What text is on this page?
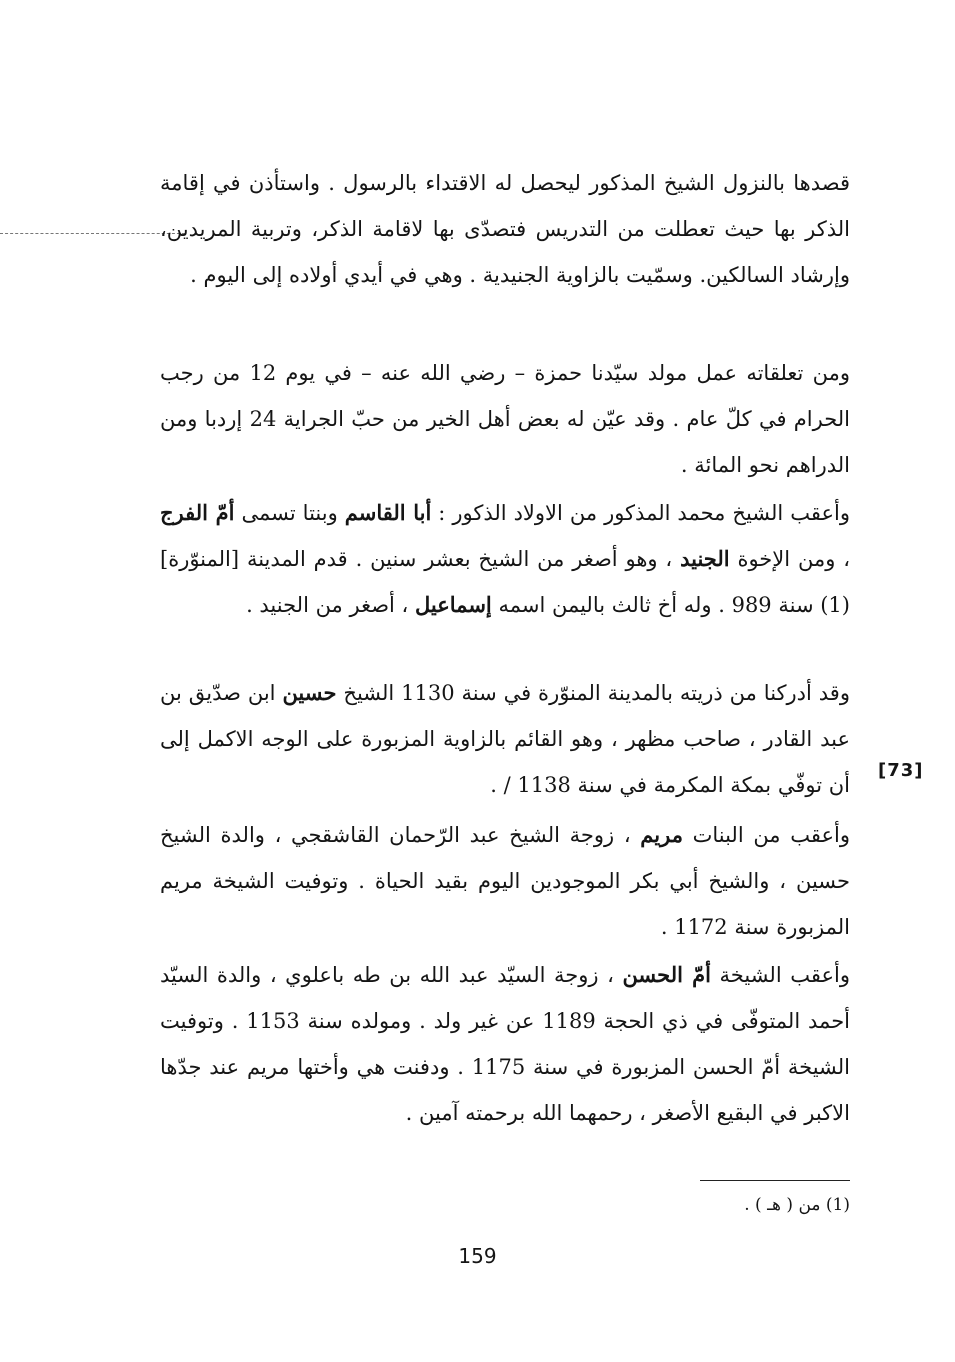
قصدها بالنزول الشيخ المذكور ليحصل له الاقتداء بالرسول . واستأذن في إقامة الذكر بها حيث تعطلت من التدريس فتصدّى بها لاقامة الذكر، وتربية المريدين، وإرشاد السالكين. وسمّيت بالزاوية الجنيدية . وهي في أيدي أولاده إلى اليوم .

ومن تعلقاته عمل مولد سيّدنا حمزة – رضي الله عنه – في يوم 12 من رجب الحرام في كلّ عام . وقد عيّن له بعض أهل الخير من حبّ الجراية 24 إردبا ومن الدراهم نحو المائة .

وأعقب الشيخ محمد المذكور من الاولاد الذكور : أبا القاسم وبنتا تسمى أمّ الفرج ، ومن الإخوة الجنيد ، وهو أصغر من الشيخ بعشر سنين . قدم المدينة [المنوّرة] (1) سنة 989 . وله أخ ثالث باليمن اسمه إسماعيل ، أصغر من الجنيد .

وقد أدركنا من ذريته بالمدينة المنوّرة في سنة 1130 الشيخ حسين ابن صدّيق بن عبد القادر ، صاحب مظهر ، وهو القائم بالزاوية المزبورة على الوجه الاكمل إلى أن توفّي بمكة المكرمة في سنة 1138 / .

[73]

وأعقب من البنات مريم ، زوجة الشيخ عبد الرّحمان القاشقجي ، والدة الشيخ حسين ، والشيخ أبي بكر الموجودين اليوم بقيد الحياة . وتوفيت الشيخة مريم المزبورة سنة 1172 .

وأعقب الشيخة أمّ الحسن ، زوجة السيّد عبد الله بن طه باعلوي ، والدة السيّد أحمد المتوفّى في ذي الحجة 1189 عن غير ولد . ومولده سنة 1153 . وتوفيت الشيخة أمّ الحسن المزبورة في سنة 1175 . ودفنت هي وأختها مريم عند جدّها الاكبر في البقيع الأصغر ، رحمهما الله برحمته آمين .

(1) من ( هـ ) .

159
